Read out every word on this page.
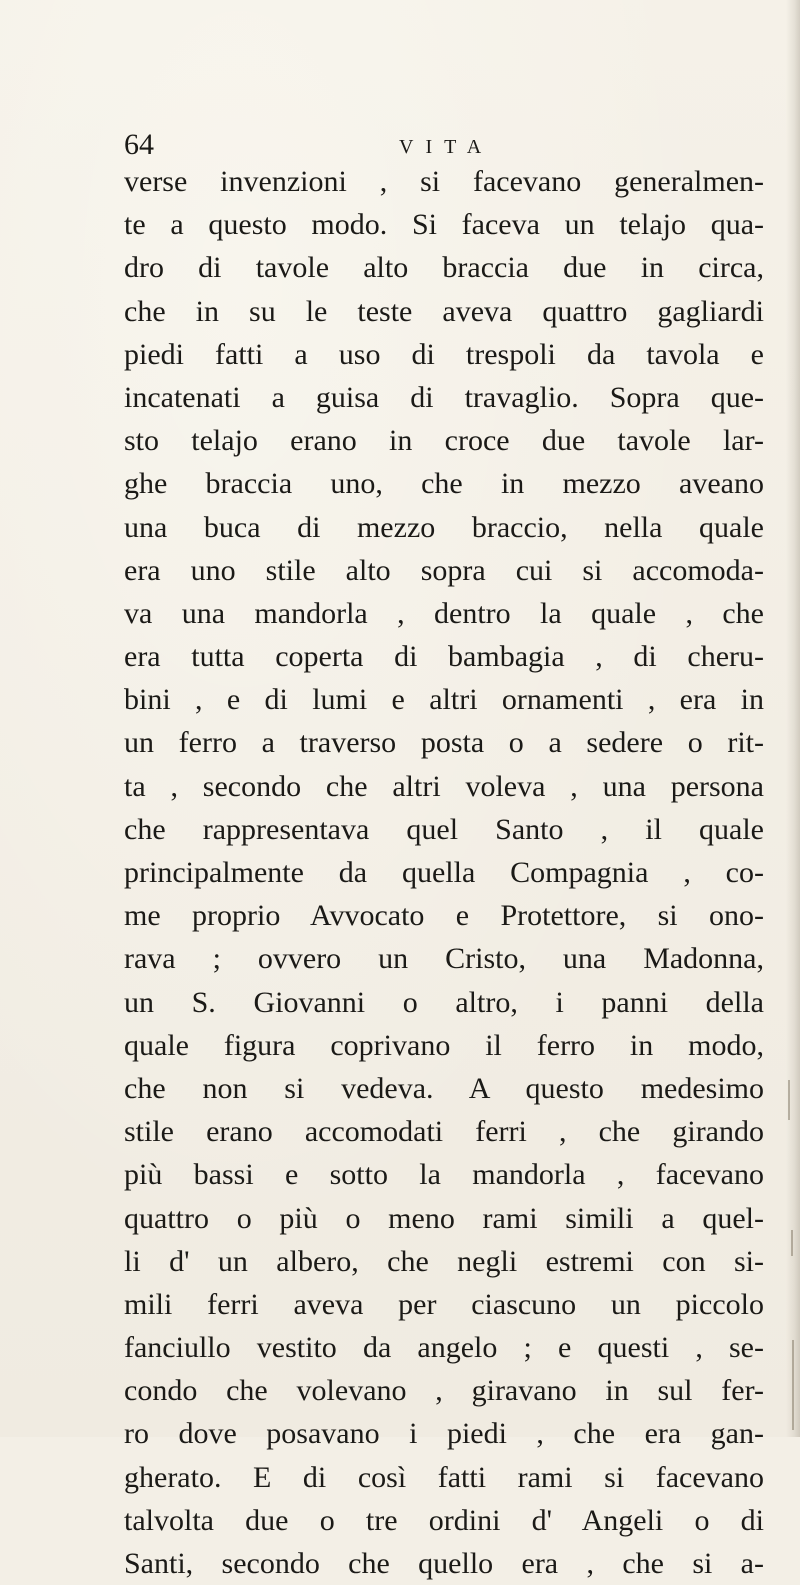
64	VITA
verse invenzioni , si facevano generalmen-
te a questo modo. Si faceva un telajo qua-
dro di tavole alto braccia due in circa,
che in su le teste aveva quattro gagliardi
piedi fatti a uso di trespoli da tavola e
incatenati a guisa di travaglio. Sopra que-
sto telajo erano in croce due tavole lar-
ghe braccia uno, che in mezzo aveano
una buca di mezzo braccio, nella quale
era uno stile alto sopra cui si accomoda-
va una mandorla , dentro la quale , che
era tutta coperta di bambagia , di cheru-
bini , e di lumi e altri ornamenti , era in
un ferro a traverso posta o a sedere o rit-
ta , secondo che altri voleva , una persona
che rappresentava quel Santo , il quale
principalmente da quella Compagnia , co-
me proprio Avvocato e Protettore, si ono-
rava ; ovvero un Cristo, una Madonna,
un S. Giovanni o altro, i panni della
quale figura coprivano il ferro in modo,
che non si vedeva. A questo medesimo
stile erano accomodati ferri , che girando
più bassi e sotto la mandorla , facevano
quattro o più o meno rami simili a quel-
li d' un albero, che negli estremi con si-
mili ferri aveva per ciascuno un piccolo
fanciullo vestito da angelo ; e questi , se-
condo che volevano , giravano in sul fer-
ro dove posavano i piedi , che era gan-
gherato. E di così fatti rami si facevano
talvolta due o tre ordini d' Angeli o di
Santi, secondo che quello era , che si a-
